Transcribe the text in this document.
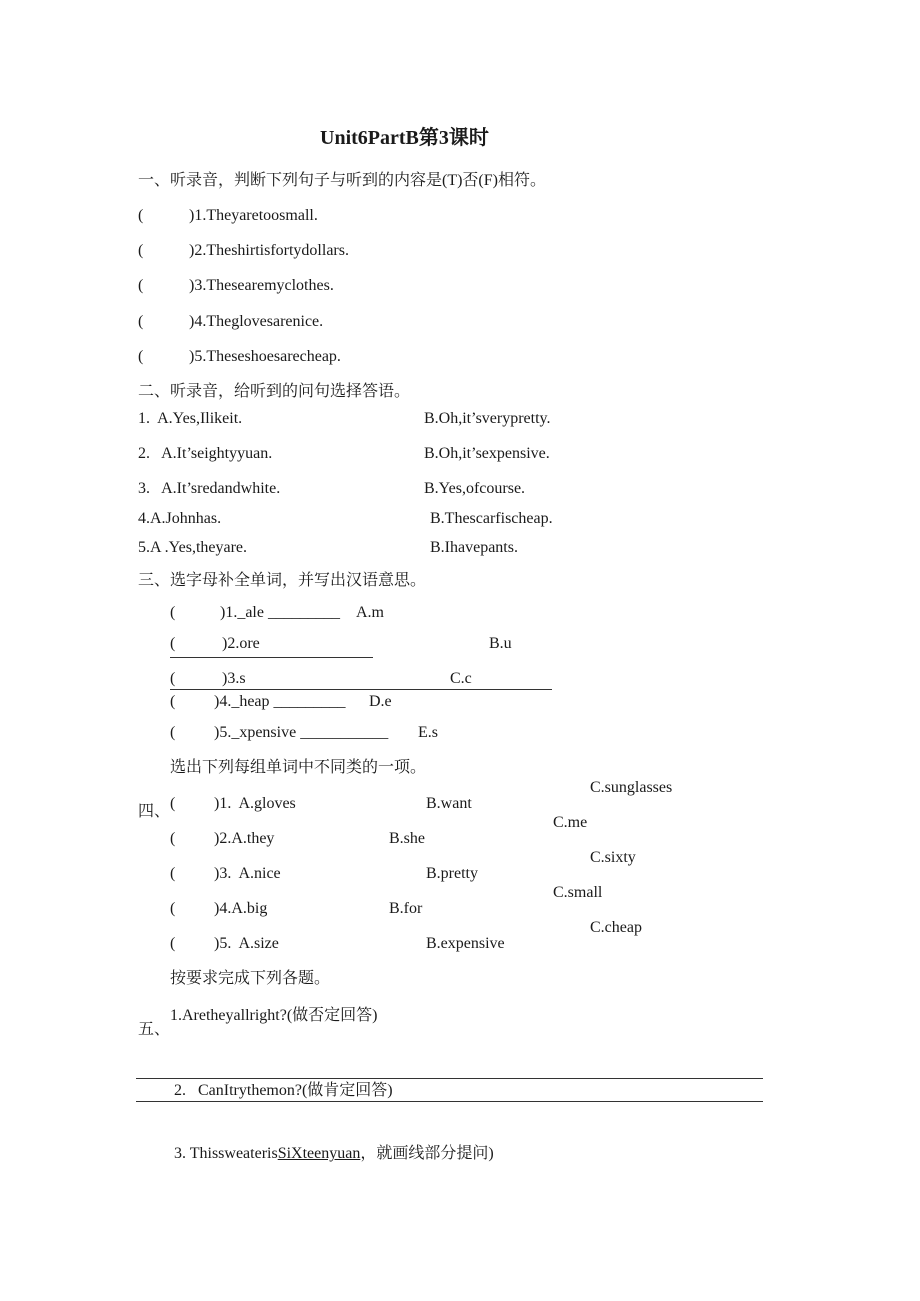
Unit6PartB第3课时
一、听录音，判断下列句子与听到的内容是(T)否(F)相符。
(	)1.Theyaretoosmall.
(	)2.Theshirtisfortydollars.
(	)3.Thesearemyclothes.
(	)4.Theglovesarenice.
(	)5.Theseshoesarecheap.
二、听录音，给听到的问句选择答语。
1.  A.Yes,Ilikeit.	B.Oh,it’sverypretty.
2.   A.It’seightyyuan.	B.Oh,it’sexpensive.
3.   A.It’sredandwhite.	B.Yes,ofcourse.
4.A.Johnhas.	B.Thescarfischeap.
5.A .Yes,theyare.	B.Ihavepants.
三、选字母补全单词，并写出汉语意思。
(	)1._ale _________ A.m
(	)2.ore	B.u
(	)3.s	C.c
( )4._heap _________ D.e
( )5._xpensive ___________ E.s
选出下列每组单词中不同类的一项。
四、 ( )1.  A.gloves	B.want
C.sunglasses
( )2.A.they	B.she
C.me
( )3.  A.nice	B.pretty
C.sixty
( )4.A.big	B.for
C.small
( )5.  A.size	B.expensive
C.cheap
按要求完成下列各题。
五、
1.Aretheyallright?(做否定回答)
2.   CanItrythemon?(做肯定回答)
3. ThissweaterisSiXteenyuan，就画线部分提问)
